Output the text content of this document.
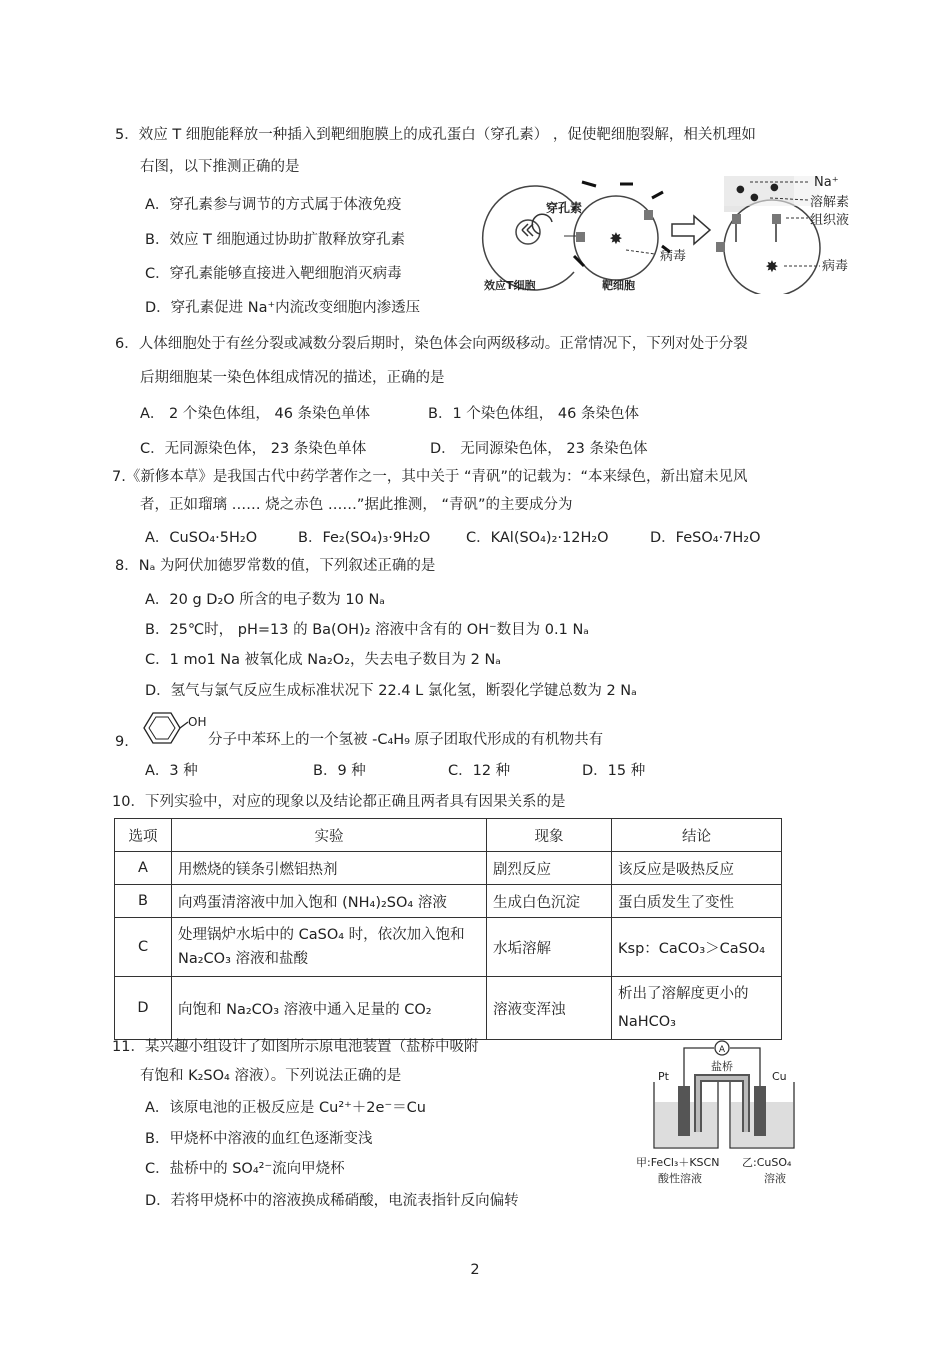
5．效应 T 细胞能释放一种插入到靶细胞膜上的成孔蛋白（穿孔素） ，促使靶细胞裂解，相关机理如
右图，以下推测正确的是
A．穿孔素参与调节的方式属于体液免疫
B．效应 T 细胞通过协助扩散释放穿孔素
C．穿孔素能够直接进入靶细胞消灭病毒
D．穿孔素促进 Na⁺内流改变细胞内渗透压
✸
穿孔素
效应T细胞	靶细胞
病毒
●
●
●
✸
Na⁺
溶解素
组织液
病毒
6．人体细胞处于有丝分裂或减数分裂后期时，染色体会向两级移动。正常情况下，下列对处于分裂
后期细胞某一染色体组成情况的描述，正确的是
A． 2 个染色体组， 46 条染色单体	B．1 个染色体组， 46 条染色体
C．无同源染色体， 23 条染色单体	D． 无同源染色体， 23 条染色体
7.《新修本草》是我国古代中药学著作之一，其中关于 “青矾”的记载为：“本来绿色，新出窟未见风
者，正如瑠璃 …… 烧之赤色 ……”据此推测， “青矾”的主要成分为
A．CuSO₄·5H₂O	B．Fe₂(SO₄)₃·9H₂O C．KAl(SO₄)₂·12H₂O	D．FeSO₄·7H₂O
8．Nₐ 为阿伏加德罗常数的值，下列叙述正确的是
A．20 g D₂O 所含的电子数为 10 Nₐ
B．25℃时， pH=13 的 Ba(OH)₂ 溶液中含有的 OH⁻数目为 0.1 Nₐ
C．1 mo1 Na 被氧化成 Na₂O₂，失去电子数目为 2 Nₐ
D．氢气与氯气反应生成标准状况下 22.4 L 氯化氢，断裂化学键总数为 2 Nₐ
9.
OH
分子中苯环上的一个氢被 -C₄H₉ 原子团取代形成的有机物共有
A．3 种	B．9 种	C．12 种	D．15 种
10．下列实验中，对应的现象以及结论都正确且两者具有因果关系的是
选项	实验	现象	结论
A	用燃烧的镁条引燃铝热剂	剧烈反应	该反应是吸热反应
B	向鸡蛋清溶液中加入饱和 (NH₄)₂SO₄ 溶液	生成白色沉淀	蛋白质发生了变性
C	处理锅炉水垢中的 CaSO₄ 时，依次加入饱和 Na₂CO₃ 溶液和盐酸	水垢溶解	Ksp：CaCO₃＞CaSO₄
D	向饱和 Na₂CO₃ 溶液中通入足量的 CO₂	溶液变浑浊	析出了溶解度更小的 NaHCO₃
11．某兴趣小组设计了如图所示原电池装置（盐桥中吸附
有饱和 K₂SO₄ 溶液）。下列说法正确的是
A．该原电池的正极反应是 Cu²⁺＋2e⁻＝Cu
B．甲烧杯中溶液的血红色逐渐变浅
C．盐桥中的 SO₄²⁻流向甲烧杯
D．若将甲烧杯中的溶液换成稀硝酸，电流表指针反向偏转
A
盐桥
Pt	Cu
甲:FeCl₃＋KSCN
酸性溶液
乙:CuSO₄
溶液
2
